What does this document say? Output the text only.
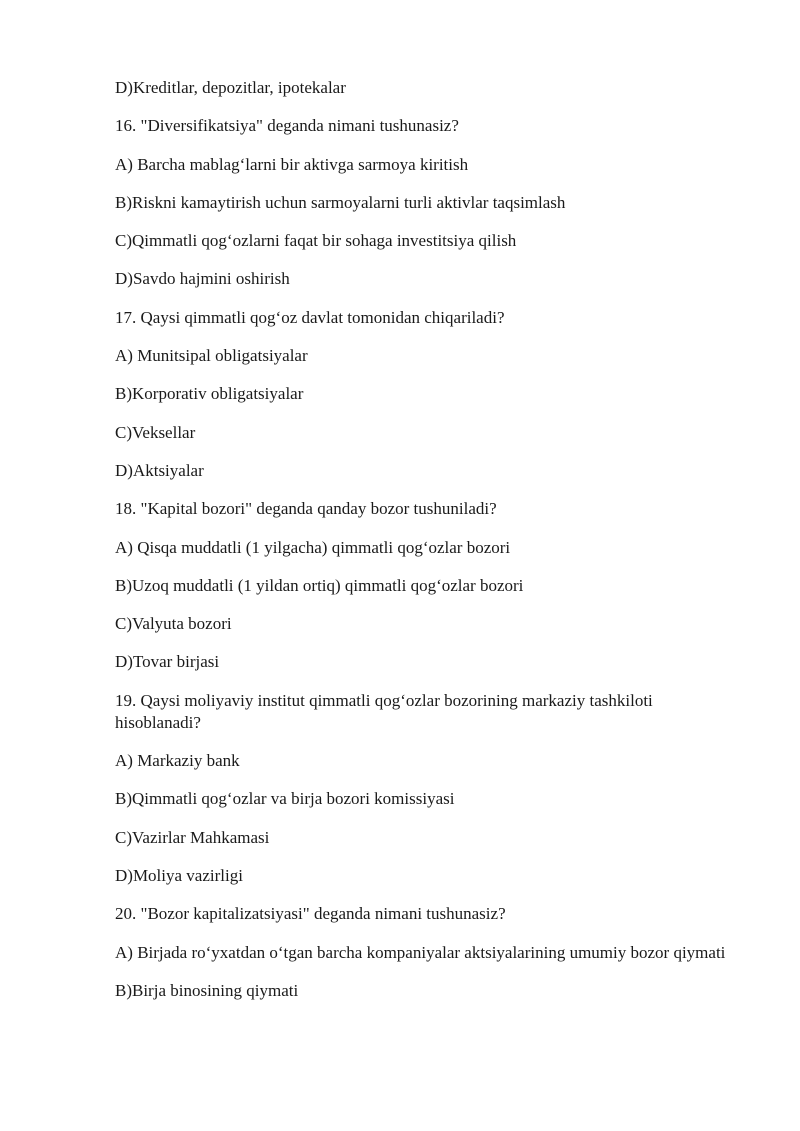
D)Kreditlar, depozitlar, ipotekalar

16. "Diversifikatsiya" deganda nimani tushunasiz?

A) Barcha mablag‘larni bir aktivga sarmoya kiritish

B)Riskni kamaytirish uchun sarmoyalarni turli aktivlar taqsimlash

C)Qimmatli qog‘ozlarni faqat bir sohaga investitsiya qilish

D)Savdo hajmini oshirish

17. Qaysi qimmatli qog‘oz davlat tomonidan chiqariladi?

A) Munitsipal obligatsiyalar

B)Korporativ obligatsiyalar

C)Veksellar

D)Aktsiyalar

18. "Kapital bozori" deganda qanday bozor tushuniladi?

A) Qisqa muddatli (1 yilgacha) qimmatli qog‘ozlar bozori

B)Uzoq muddatli (1 yildan ortiq) qimmatli qog‘ozlar bozori

C)Valyuta bozori

D)Tovar birjasi

19. Qaysi moliyaviy institut qimmatli qog‘ozlar bozorining markaziy tashkiloti hisoblanadi?

A) Markaziy bank

B)Qimmatli qog‘ozlar va birja bozori komissiyasi

C)Vazirlar Mahkamasi

D)Moliya vazirligi

20. "Bozor kapitalizatsiyasi" deganda nimani tushunasiz?

A) Birjada ro‘yxatdan o‘tgan barcha kompaniyalar aktsiyalarining umumiy bozor qiymati

B)Birja binosining qiymati
